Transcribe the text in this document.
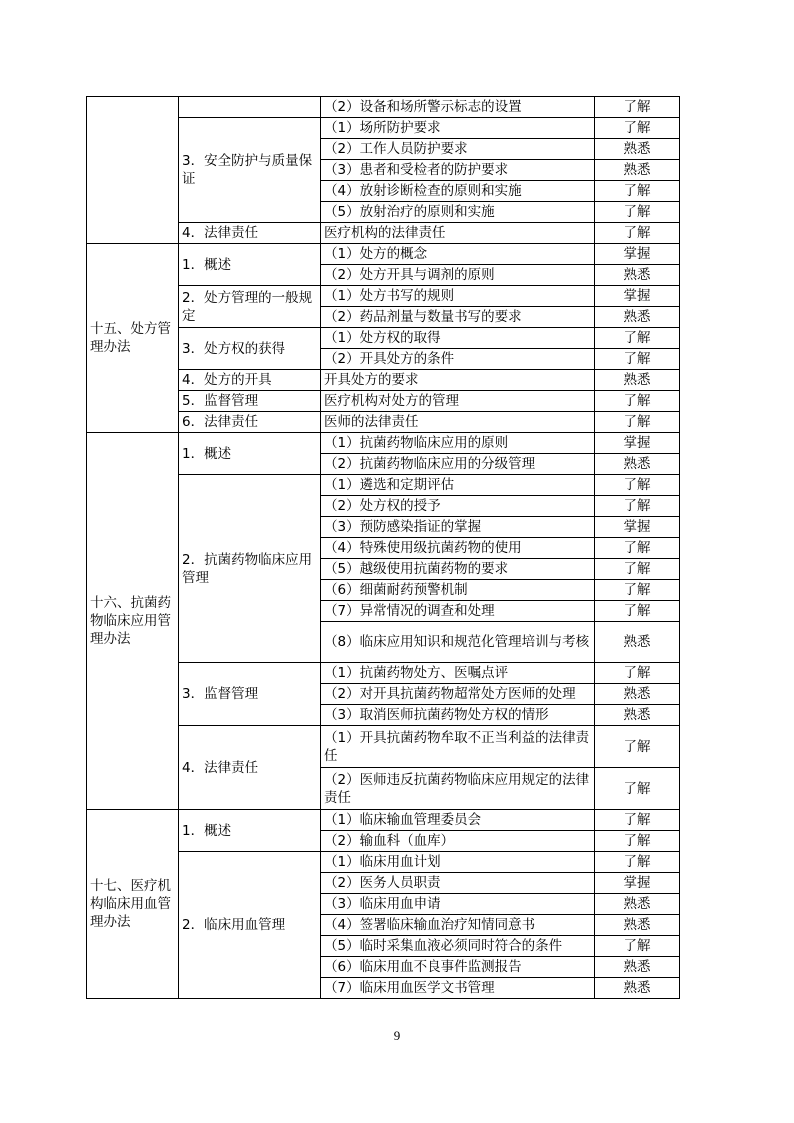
		（2）设备和场所警示标志的设置	了解
	3．安全防护与质量保证	（1）场所防护要求	了解
		（2）工作人员防护要求	熟悉
		（3）患者和受检者的防护要求	熟悉
		（4）放射诊断检查的原则和实施	了解
		（5）放射治疗的原则和实施	了解
	4．法律责任	医疗机构的法律责任	了解
十五、处方管理办法	1．概述	（1）处方的概念	掌握
		（2）处方开具与调剂的原则	熟悉
	2．处方管理的一般规定	（1）处方书写的规则	掌握
		（2）药品剂量与数量书写的要求	熟悉
	3．处方权的获得	（1）处方权的取得	了解
		（2）开具处方的条件	了解
	4．处方的开具	开具处方的要求	熟悉
	5．监督管理	医疗机构对处方的管理	了解
	6．法律责任	医师的法律责任	了解
十六、抗菌药物临床应用管理办法	1．概述	（1）抗菌药物临床应用的原则	掌握
		（2）抗菌药物临床应用的分级管理	熟悉
	2．抗菌药物临床应用管理	（1）遴选和定期评估	了解
		（2）处方权的授予	了解
		（3）预防感染指证的掌握	掌握
		（4）特殊使用级抗菌药物的使用	了解
		（5）越级使用抗菌药物的要求	了解
		（6）细菌耐药预警机制	了解
		（7）异常情况的调查和处理	了解
		（8）临床应用知识和规范化管理培训与考核	熟悉
	3．监督管理	（1）抗菌药物处方、医嘱点评	了解
		（2）对开具抗菌药物超常处方医师的处理	熟悉
		（3）取消医师抗菌药物处方权的情形	熟悉
	4．法律责任	（1）开具抗菌药物牟取不正当利益的法律责任	了解
		（2）医师违反抗菌药物临床应用规定的法律责任	了解
十七、医疗机构临床用血管理办法	1．概述	（1）临床输血管理委员会	了解
		（2）输血科（血库）	了解
	2．临床用血管理	（1）临床用血计划	了解
		（2）医务人员职责	掌握
		（3）临床用血申请	熟悉
		（4）签署临床输血治疗知情同意书	熟悉
		（5）临时采集血液必须同时符合的条件	了解
		（6）临床用血不良事件监测报告	熟悉
		（7）临床用血医学文书管理	熟悉
9
